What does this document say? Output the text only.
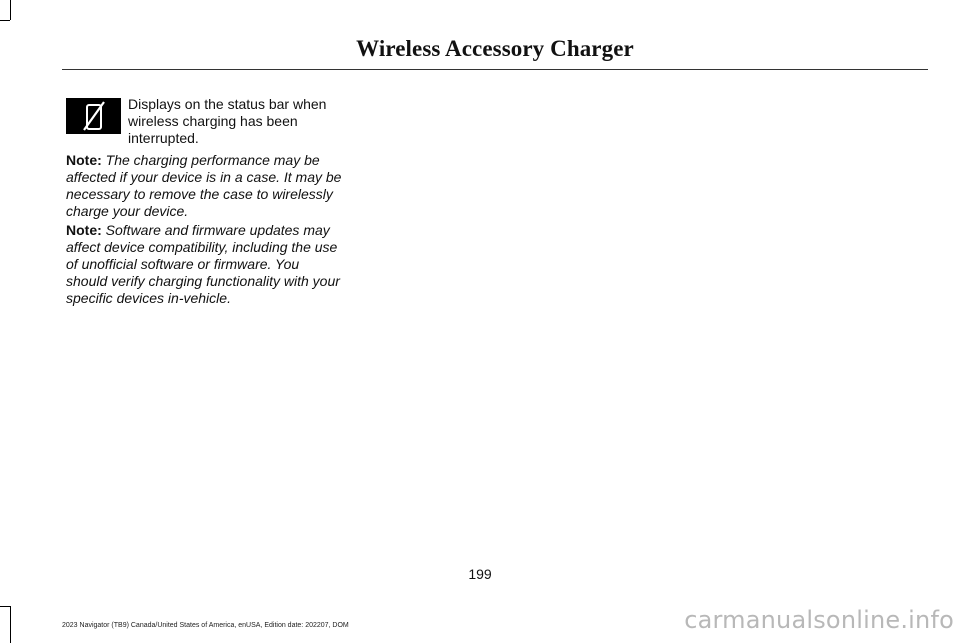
Wireless Accessory Charger

Displays on the status bar when wireless charging has been interrupted.

Note: The charging performance may be affected if your device is in a case. It may be necessary to remove the case to wirelessly charge your device.

Note: Software and firmware updates may affect device compatibility, including the use of unofficial software or firmware. You should verify charging functionality with your specific devices in-vehicle.

199
2023 Navigator (TB9) Canada/United States of America, enUSA, Edition date: 202207, DOM	carmanualsonline.info
